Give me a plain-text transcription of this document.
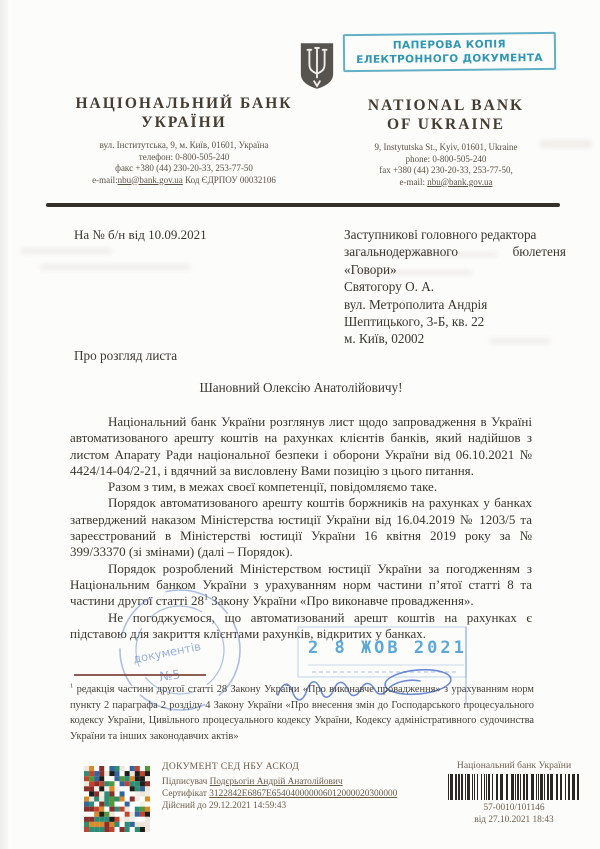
ПАПЕРОВА КОПІЯ
ЕЛЕКТРОННОГО ДОКУМЕНТА
НАЦІОНАЛЬНИЙ БАНК
УКРАЇНИ
вул. Інститутська, 9, м. Київ, 01601, Україна
телефон: 0-800-505-240
факс +380 (44) 230-20-33, 253-77-50
e-mail:nbu@bank.gov.ua Код ЄДРПОУ 00032106
NATIONAL BANK
OF UKRAINE
9, Instytutska St., Kyiv, 01601, Ukraine
phone: 0-800-505-240
fax +380 (44) 230-20-33, 253-77-50,
e-mail: nbu@bank.gov.ua
На № б/н від 10.09.2021	Заступникові головного редактора
загальнодержавного бюлетеня
«Говори»
Святогору О. А.
вул. Метрополита Андрія
Шептицького, 3-Б, кв. 22
м. Київ, 02002
Про розгляд листа
Шановний Олексію Анатолійовичу!

Національний банк України розглянув лист щодо запровадження в Україні автоматизованого арешту коштів на рахунках клієнтів банків, який надійшов з листом Апарату Ради національної безпеки і оборони України від 06.10.2021 № 4424/14-04/2-21, і вдячний за висловлену Вами позицію з цього питання.

Разом з тим, в межах своєї компетенції, повідомляємо таке.

Порядок автоматизованого арешту коштів боржників на рахунках у банках затверджений наказом Міністерства юстиції України від 16.04.2019 № 1203/5 та зареєстрований в Міністерстві юстиції України 16 квітня 2019 року за № 399/33370 (зі змінами) (далі – Порядок).

Порядок розроблений Міністерством юстиції України за погодженням з Національним банком України з урахуванням норм частини п’ятої статті 8 та частини другої статті $28^1$ Закону України «Про виконавче провадження».

Не погоджуємося, що автоматизований арешт коштів на рахунках є підставою для закриття клієнтами рахунків, відкритих у банках.

документів	2 8 ЖОВ 2021
$^1$ редакція частини другої статті 28 Закону України «Про виконавче провадження» з урахуванням норм пункту 2 параграфа 2 розділу 4 Закону України «Про внесення змін до Господарського процесуального кодексу України, Цивільного процесуального кодексу України, Кодексу адміністративного судочинства України та інших законодавчих актів»
ДОКУМЕНТ СЕД НБУ АСКОД
Підписувач Подєрьогін Андрій Анатолійович
Сертифікат 3122842E6867E654040000006012000020300000
Дійсний до 29.12.2021 14:59:43
Національний банк України
57-0010/101146
від 27.10.2021 18:43
